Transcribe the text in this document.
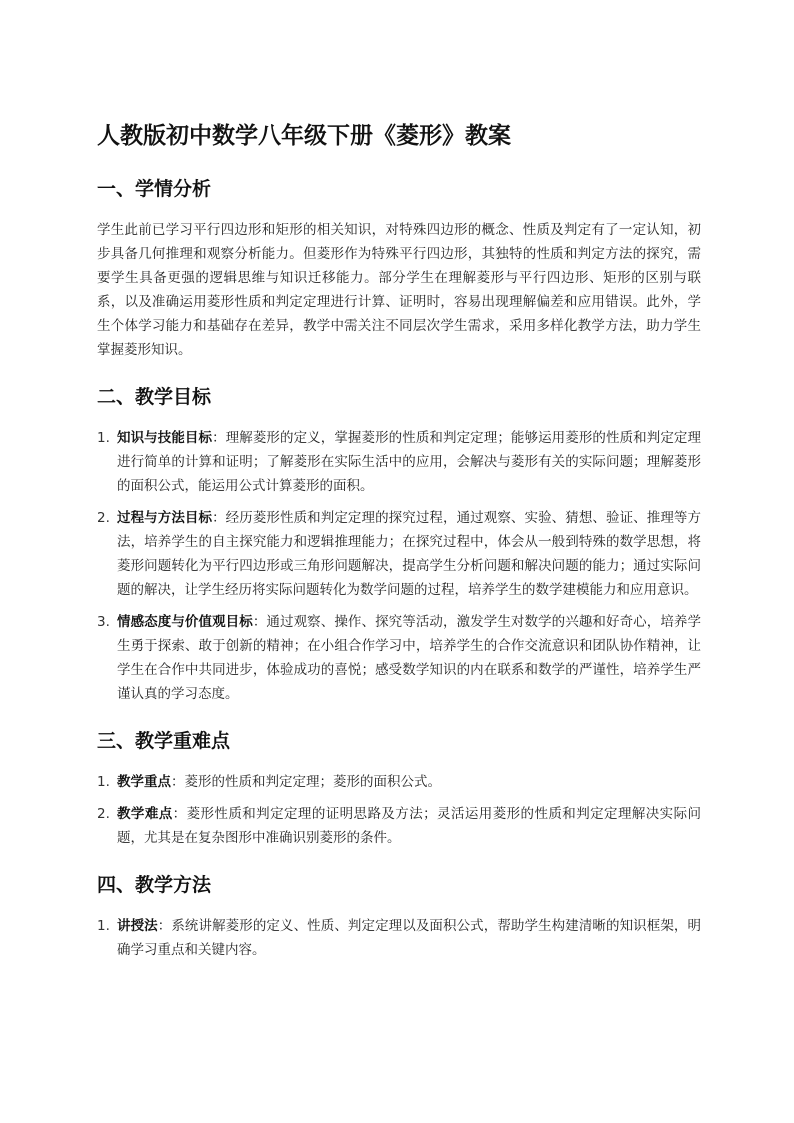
人教版初中数学八年级下册《菱形》教案
一、学情分析

学生此前已学习平行四边形和矩形的相关知识，对特殊四边形的概念、性质及判定有了一定认知，初步具备几何推理和观察分析能力。但菱形作为特殊平行四边形，其独特的性质和判定方法的探究，需要学生具备更强的逻辑思维与知识迁移能力。部分学生在理解菱形与平行四边形、矩形的区别与联系，以及准确运用菱形性质和判定定理进行计算、证明时，容易出现理解偏差和应用错误。此外，学生个体学习能力和基础存在差异，教学中需关注不同层次学生需求，采用多样化教学方法，助力学生掌握菱形知识。

二、教学目标
1. 知识与技能目标：理解菱形的定义，掌握菱形的性质和判定定理；能够运用菱形的性质和判定定理进行简单的计算和证明；了解菱形在实际生活中的应用，会解决与菱形有关的实际问题；理解菱形的面积公式，能运用公式计算菱形的面积。
2. 过程与方法目标：经历菱形性质和判定定理的探究过程，通过观察、实验、猜想、验证、推理等方法，培养学生的自主探究能力和逻辑推理能力；在探究过程中，体会从一般到特殊的数学思想，将菱形问题转化为平行四边形或三角形问题解决，提高学生分析问题和解决问题的能力；通过实际问题的解决，让学生经历将实际问题转化为数学问题的过程，培养学生的数学建模能力和应用意识。
3. 情感态度与价值观目标：通过观察、操作、探究等活动，激发学生对数学的兴趣和好奇心，培养学生勇于探索、敢于创新的精神；在小组合作学习中，培养学生的合作交流意识和团队协作精神，让学生在合作中共同进步，体验成功的喜悦；感受数学知识的内在联系和数学的严谨性，培养学生严谨认真的学习态度。
三、教学重难点
1. 教学重点：菱形的性质和判定定理；菱形的面积公式。
2. 教学难点：菱形性质和判定定理的证明思路及方法；灵活运用菱形的性质和判定定理解决实际问题，尤其是在复杂图形中准确识别菱形的条件。
四、教学方法
1. 讲授法：系统讲解菱形的定义、性质、判定定理以及面积公式，帮助学生构建清晰的知识框架，明确学习重点和关键内容。
